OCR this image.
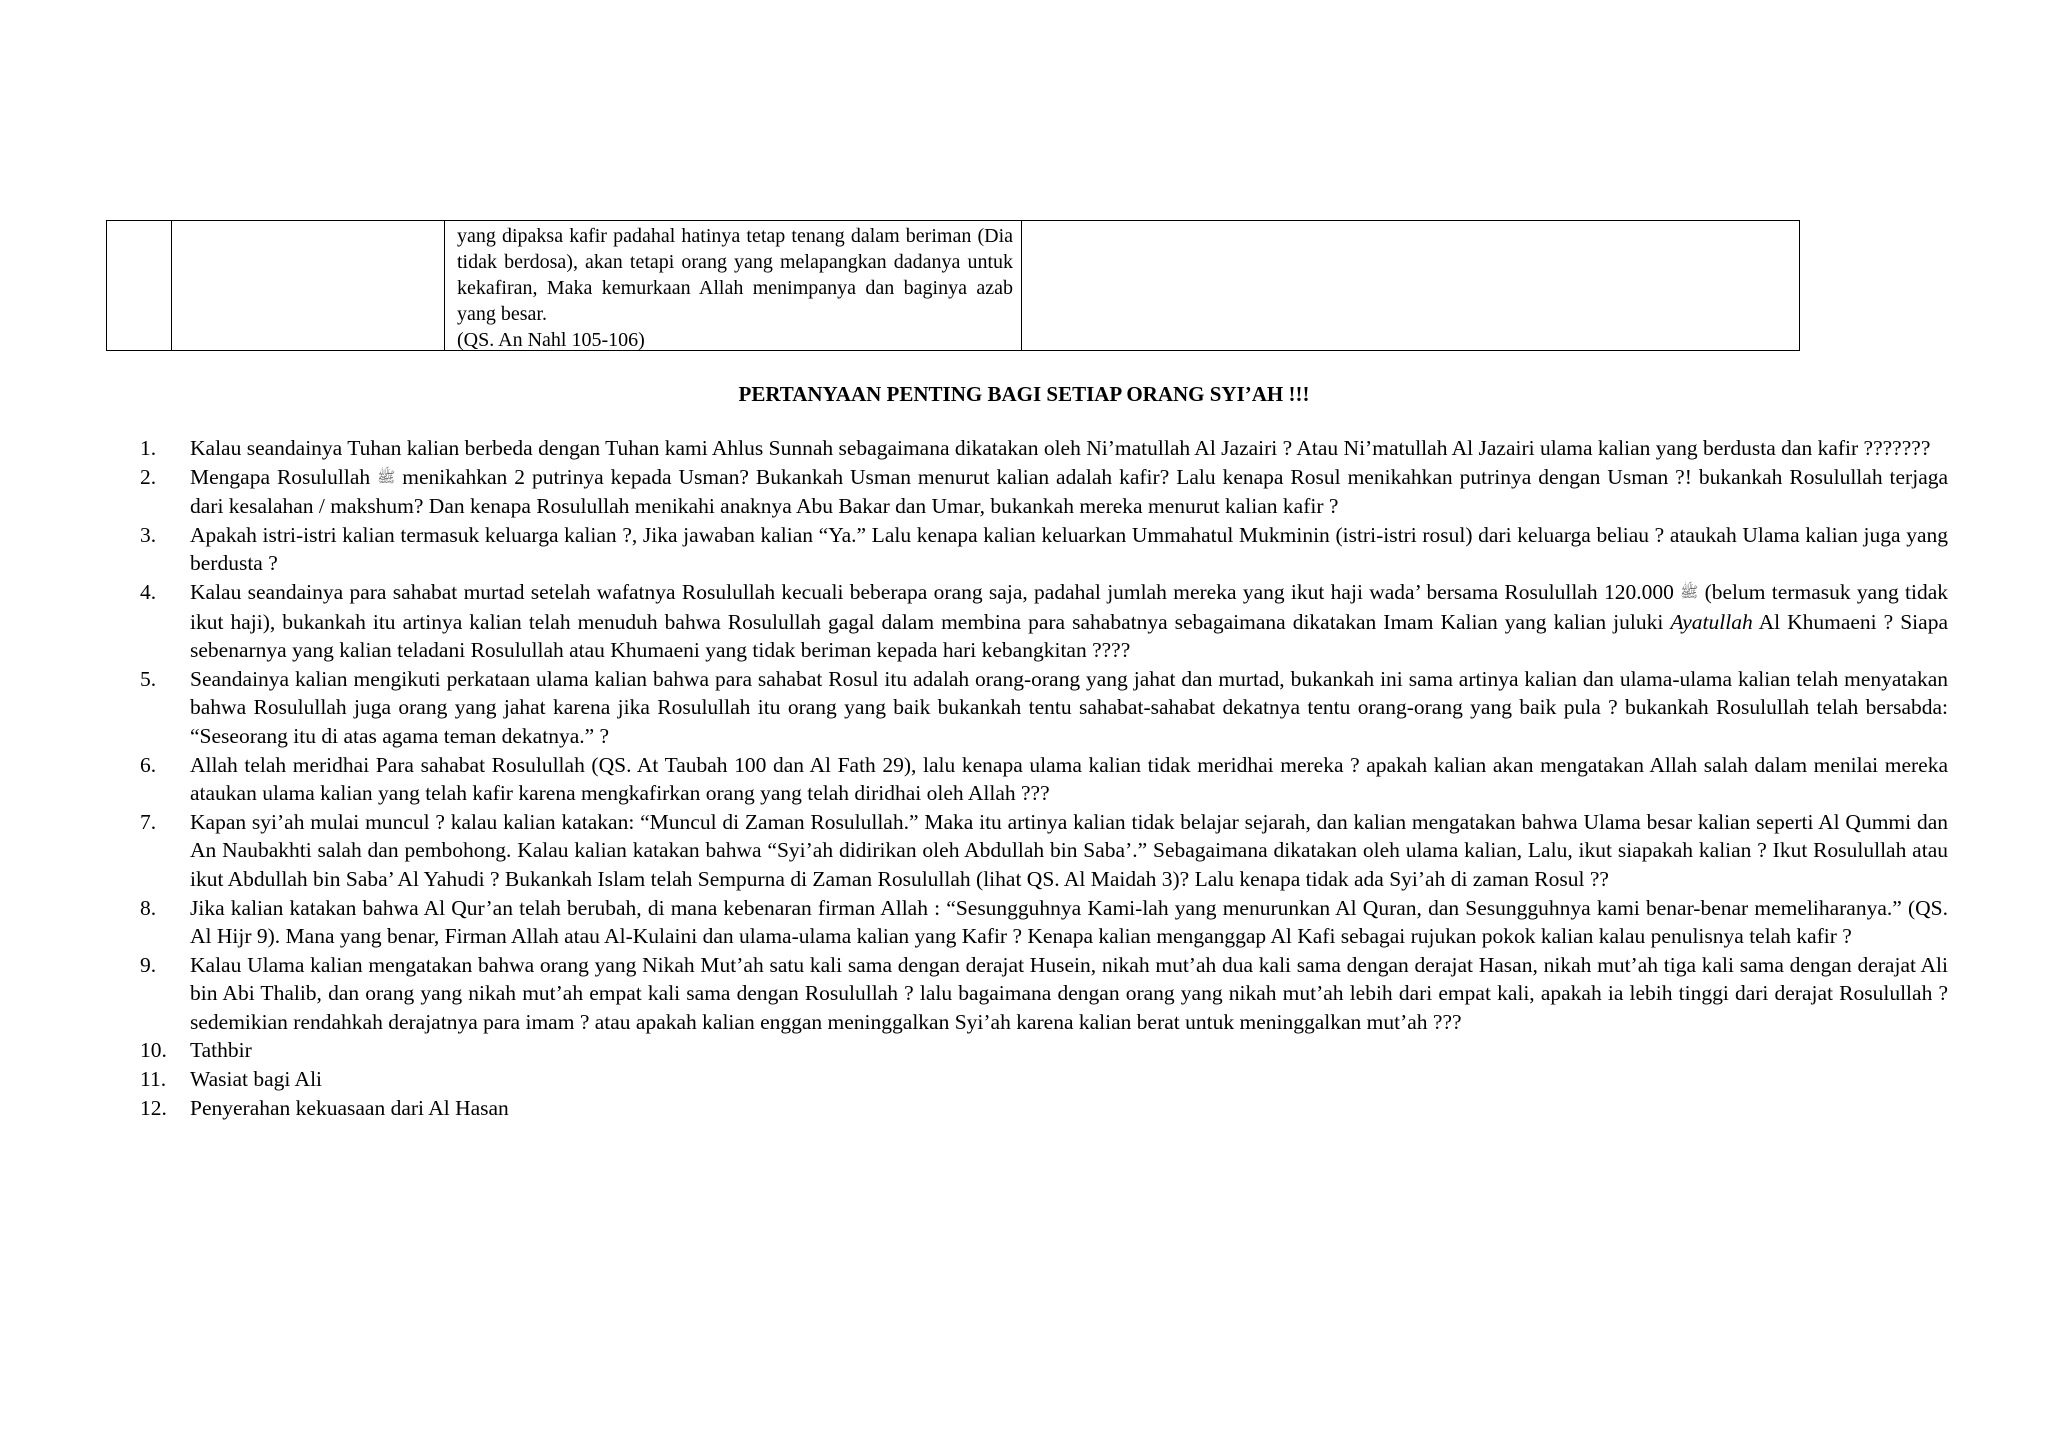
yang dipaksa kafir padahal hatinya tetap tenang dalam beriman (Dia tidak berdosa), akan tetapi orang yang melapangkan dadanya untuk kekafiran, Maka kemurkaan Allah menimpanya dan baginya azab yang besar.

(QS. An Nahl 105-106)

PERTANYAAN PENTING BAGI SETIAP ORANG SYI’AH !!!
1.	Kalau seandainya Tuhan kalian berbeda dengan Tuhan kami Ahlus Sunnah sebagaimana dikatakan oleh Ni’matullah Al Jazairi ? Atau Ni’matullah Al Jazairi ulama kalian yang berdusta dan kafir ???????
2.	Mengapa Rosulullah ﷺ menikahkan 2 putrinya kepada Usman? Bukankah Usman menurut kalian adalah kafir? Lalu kenapa Rosul menikahkan putrinya dengan Usman ?! bukankah Rosulullah terjaga dari kesalahan / makshum? Dan kenapa Rosulullah menikahi anaknya Abu Bakar dan Umar, bukankah mereka menurut kalian kafir ?
3.	Apakah istri-istri kalian termasuk keluarga kalian ?, Jika jawaban kalian “Ya.” Lalu kenapa kalian keluarkan Ummahatul Mukminin (istri-istri rosul) dari keluarga beliau ? ataukah Ulama kalian juga yang berdusta ?
4.	Kalau seandainya para sahabat murtad setelah wafatnya Rosulullah kecuali beberapa orang saja, padahal jumlah mereka yang ikut haji wada’ bersama Rosulullah	ﷺ 120.000 (belum termasuk yang tidak ikut haji), bukankah itu artinya kalian telah menuduh bahwa Rosulullah gagal dalam membina para sahabatnya sebagaimana dikatakan Imam Kalian yang kalian juluki Ayatullah Al Khumaeni ? Siapa sebenarnya yang kalian teladani Rosulullah atau Khumaeni yang tidak beriman kepada hari kebangkitan ????
5.	Seandainya kalian mengikuti perkataan ulama kalian bahwa para sahabat Rosul itu adalah orang-orang yang jahat dan murtad, bukankah ini sama artinya kalian dan ulama-ulama kalian telah menyatakan bahwa Rosulullah juga orang yang jahat karena jika Rosulullah itu orang yang baik bukankah tentu sahabat-sahabat dekatnya tentu orang-orang yang baik pula ? bukankah Rosulullah telah bersabda: “Seseorang itu di atas agama teman dekatnya.” ?
6.	Allah telah meridhai Para sahabat Rosulullah (QS. At Taubah 100 dan Al Fath 29), lalu kenapa ulama kalian tidak meridhai mereka ? apakah kalian akan mengatakan Allah salah dalam menilai mereka ataukan ulama kalian yang telah kafir karena mengkafirkan orang yang telah diridhai oleh Allah ???
7.	Kapan syi’ah mulai muncul ? kalau kalian katakan: “Muncul di Zaman Rosulullah.” Maka itu artinya kalian tidak belajar sejarah, dan kalian mengatakan bahwa Ulama besar kalian seperti Al Qummi dan An Naubakhti salah dan pembohong. Kalau kalian katakan bahwa “Syi’ah didirikan oleh Abdullah bin Saba’.” Sebagaimana dikatakan oleh ulama kalian, Lalu, ikut siapakah kalian ? Ikut Rosulullah atau ikut Abdullah bin Saba’ Al Yahudi ? Bukankah Islam telah Sempurna di Zaman Rosulullah (lihat QS. Al Maidah 3)? Lalu kenapa tidak ada Syi’ah di zaman Rosul ??
8.	Jika kalian katakan bahwa Al Qur’an telah berubah, di mana kebenaran firman Allah : “Sesungguhnya Kami-lah yang menurunkan Al Quran, dan Sesungguhnya kami benar-benar memeliharanya.” (QS. Al Hijr 9). Mana yang benar, Firman Allah atau Al-Kulaini dan ulama-ulama kalian yang Kafir ? Kenapa kalian menganggap Al Kafi sebagai rujukan pokok kalian kalau penulisnya telah kafir ?
9.	Kalau Ulama kalian mengatakan bahwa orang yang Nikah Mut’ah satu kali sama dengan derajat Husein, nikah mut’ah dua kali sama dengan derajat Hasan, nikah mut’ah tiga kali sama dengan derajat Ali bin Abi Thalib, dan orang yang nikah mut’ah empat kali sama dengan Rosulullah ? lalu bagaimana dengan orang yang nikah mut’ah lebih dari empat kali, apakah ia lebih tinggi dari derajat Rosulullah ? sedemikian rendahkah derajatnya para imam ? atau apakah kalian enggan meninggalkan Syi’ah karena kalian berat untuk meninggalkan mut’ah ???
10.	Tathbir
11.	Wasiat bagi Ali
12.	Penyerahan kekuasaan dari Al Hasan
